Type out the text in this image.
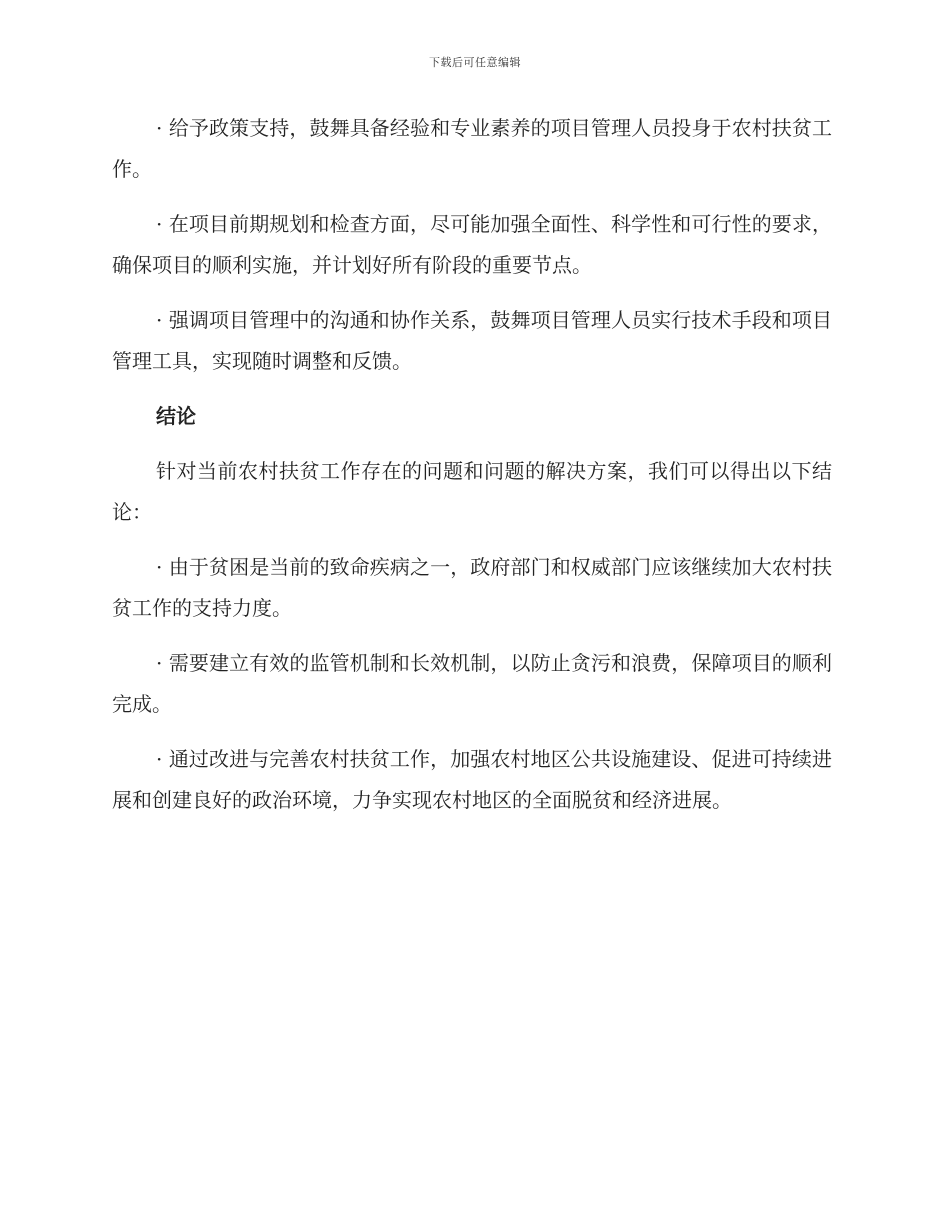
下载后可任意编辑

· 给予政策支持，鼓舞具备经验和专业素养的项目管理人员投身于农村扶贫工作。

· 在项目前期规划和检查方面，尽可能加强全面性、科学性和可行性的要求，确保项目的顺利实施，并计划好所有阶段的重要节点。

· 强调项目管理中的沟通和协作关系，鼓舞项目管理人员实行技术手段和项目管理工具，实现随时调整和反馈。

结论

针对当前农村扶贫工作存在的问题和问题的解决方案，我们可以得出以下结论：

· 由于贫困是当前的致命疾病之一，政府部门和权威部门应该继续加大农村扶贫工作的支持力度。

· 需要建立有效的监管机制和长效机制，以防止贪污和浪费，保障项目的顺利完成。

· 通过改进与完善农村扶贫工作，加强农村地区公共设施建设、促进可持续进展和创建良好的政治环境，力争实现农村地区的全面脱贫和经济进展。
